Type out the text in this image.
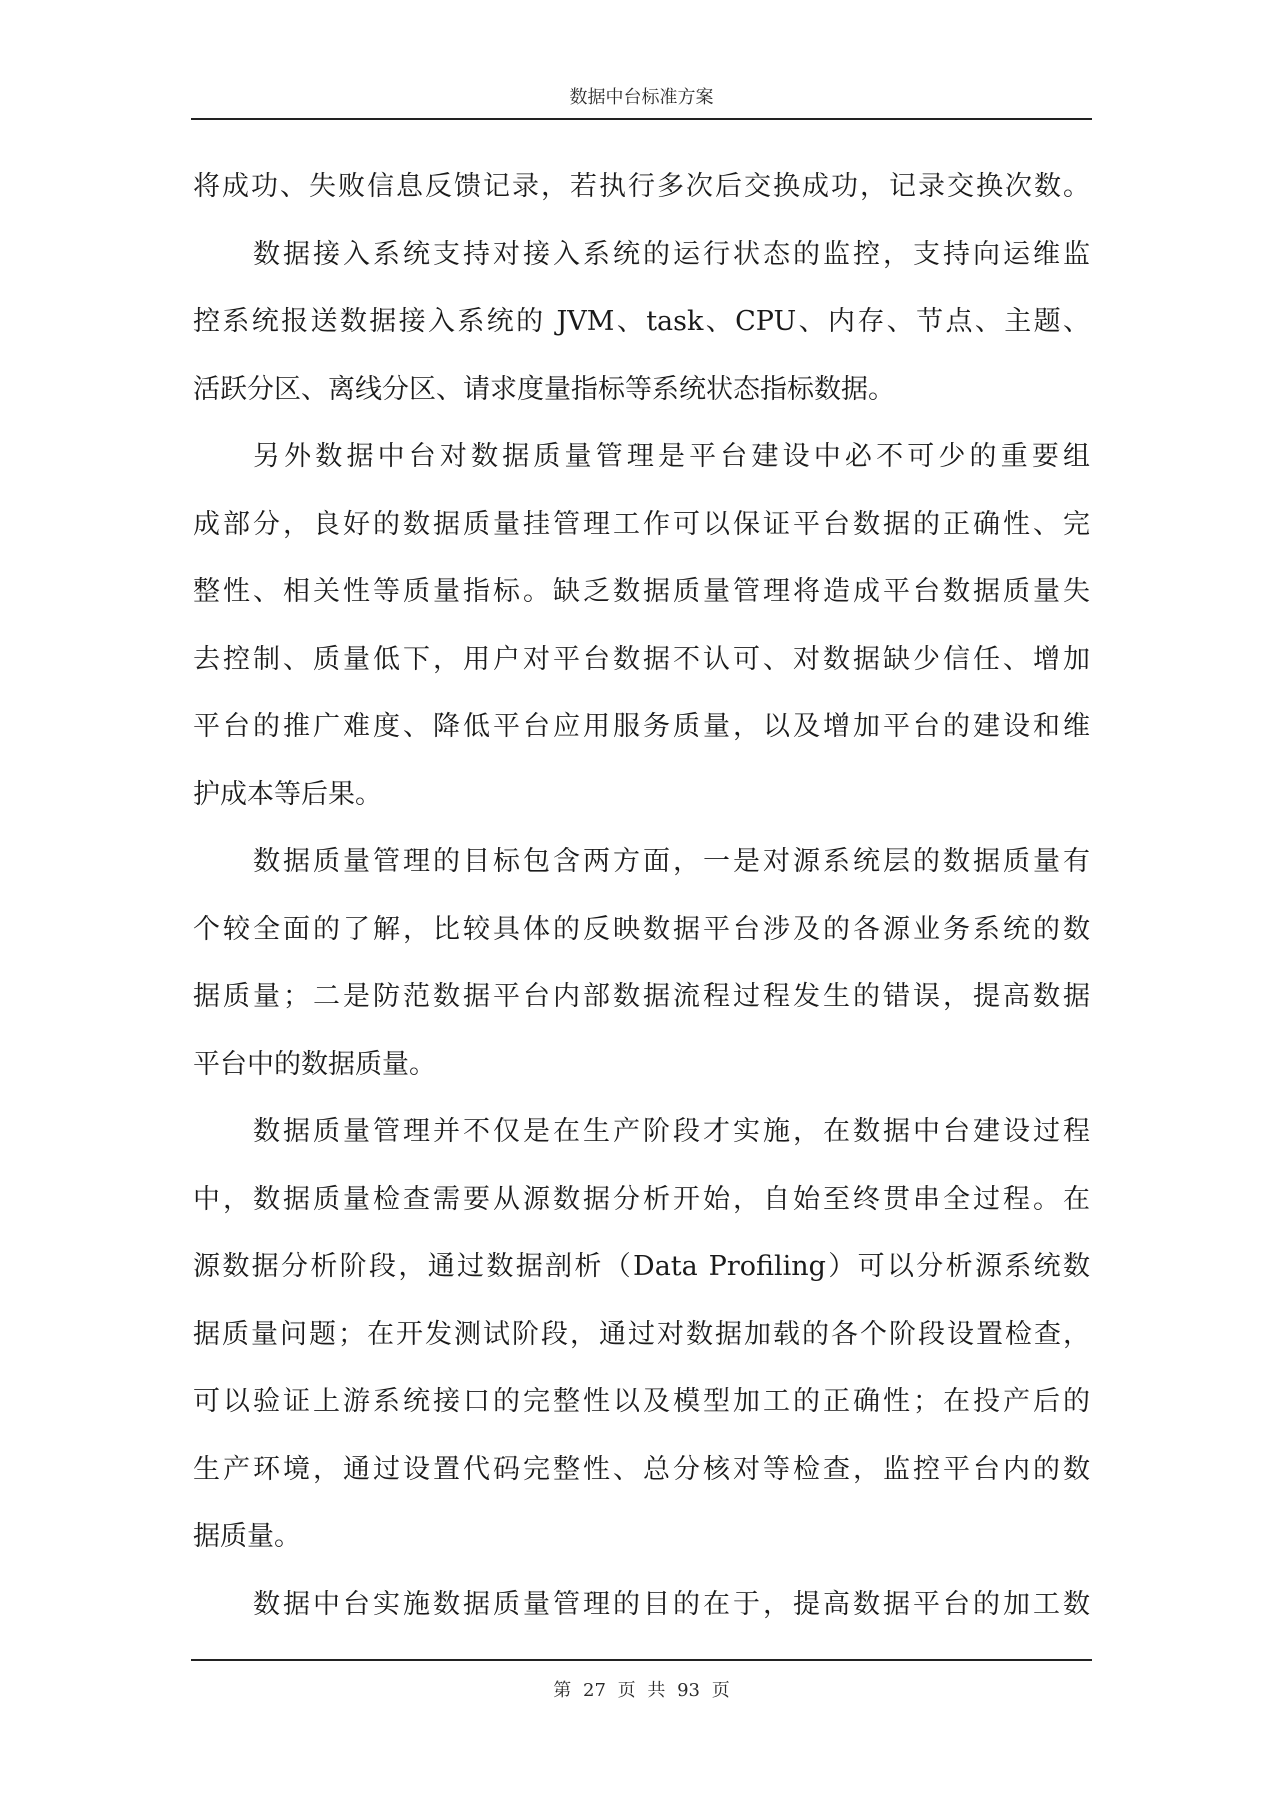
数据中台标准方案
将成功、失败信息反馈记录，若执行多次后交换成功，记录交换次数。
数据接入系统支持对接入系统的运行状态的监控，支持向运维监
控系统报送数据接入系统的 JVM、task、CPU、内存、节点、主题、
活跃分区、离线分区、请求度量指标等系统状态指标数据。
另外数据中台对数据质量管理是平台建设中必不可少的重要组
成部分，良好的数据质量挂管理工作可以保证平台数据的正确性、完
整性、相关性等质量指标。缺乏数据质量管理将造成平台数据质量失
去控制、质量低下，用户对平台数据不认可、对数据缺少信任、增加
平台的推广难度、降低平台应用服务质量，以及增加平台的建设和维
护成本等后果。
数据质量管理的目标包含两方面，一是对源系统层的数据质量有
个较全面的了解，比较具体的反映数据平台涉及的各源业务系统的数
据质量；二是防范数据平台内部数据流程过程发生的错误，提高数据
平台中的数据质量。
数据质量管理并不仅是在生产阶段才实施，在数据中台建设过程
中，数据质量检查需要从源数据分析开始，自始至终贯串全过程。在
源数据分析阶段，通过数据剖析（Data Profiling）可以分析源系统数
据质量问题；在开发测试阶段，通过对数据加载的各个阶段设置检查，
可以验证上游系统接口的完整性以及模型加工的正确性；在投产后的
生产环境，通过设置代码完整性、总分核对等检查，监控平台内的数
据质量。
数据中台实施数据质量管理的目的在于，提高数据平台的加工数
第 27 页 共 93 页
